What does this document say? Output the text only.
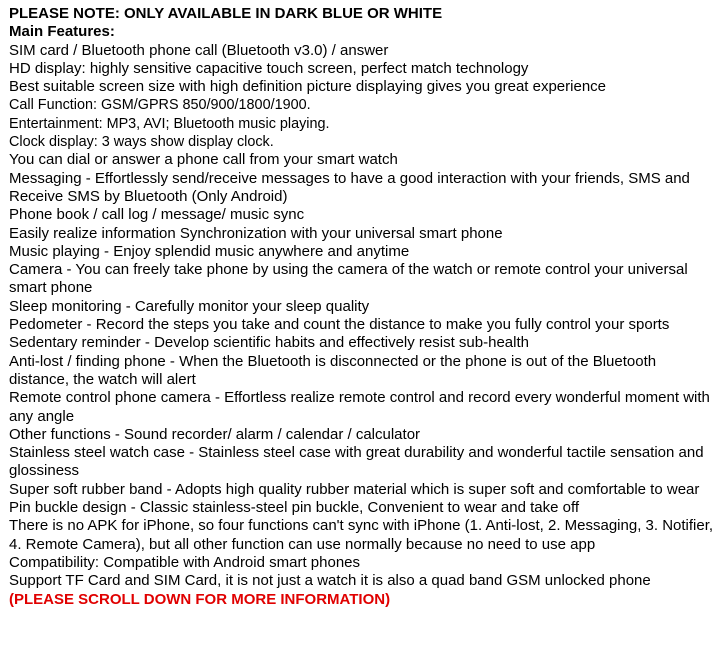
PLEASE NOTE: ONLY AVAILABLE IN DARK BLUE OR WHITE
Main Features:
SIM card / Bluetooth phone call (Bluetooth v3.0) / answer
HD display: highly sensitive capacitive touch screen, perfect match technology
Best suitable screen size with high definition picture displaying gives you great experience
Call Function: GSM/GPRS 850/900/1800/1900.
Entertainment: MP3, AVI; Bluetooth music playing.
Clock display: 3 ways show display clock.
You can dial or answer a phone call from your smart watch
Messaging - Effortlessly send/receive messages to have a good interaction with your friends, SMS and Receive SMS by Bluetooth (Only Android)
Phone book / call log / message/ music sync
Easily realize information Synchronization with your universal smart phone
Music playing - Enjoy splendid music anywhere and anytime
Camera - You can freely take phone by using the camera of the watch or remote control your universal smart phone
Sleep monitoring - Carefully monitor your sleep quality
Pedometer - Record the steps you take and count the distance to make you fully control your sports
Sedentary reminder - Develop scientific habits and effectively resist sub-health
Anti-lost / finding phone - When the Bluetooth is disconnected or the phone is out of the Bluetooth distance, the watch will alert
Remote control phone camera - Effortless realize remote control and record every wonderful moment with any angle
Other functions - Sound recorder/ alarm / calendar / calculator
Stainless steel watch case - Stainless steel case with great durability and wonderful tactile sensation and glossiness
Super soft rubber band - Adopts high quality rubber material which is super soft and comfortable to wear
Pin buckle design - Classic stainless-steel pin buckle, Convenient to wear and take off
There is no APK for iPhone, so four functions can't sync with iPhone (1. Anti-lost, 2. Messaging, 3. Notifier, 4. Remote Camera), but all other function can use normally because no need to use app
Compatibility: Compatible with Android smart phones
Support TF Card and SIM Card, it is not just a watch it is also a quad band GSM unlocked phone
(PLEASE SCROLL DOWN FOR MORE INFORMATION)
